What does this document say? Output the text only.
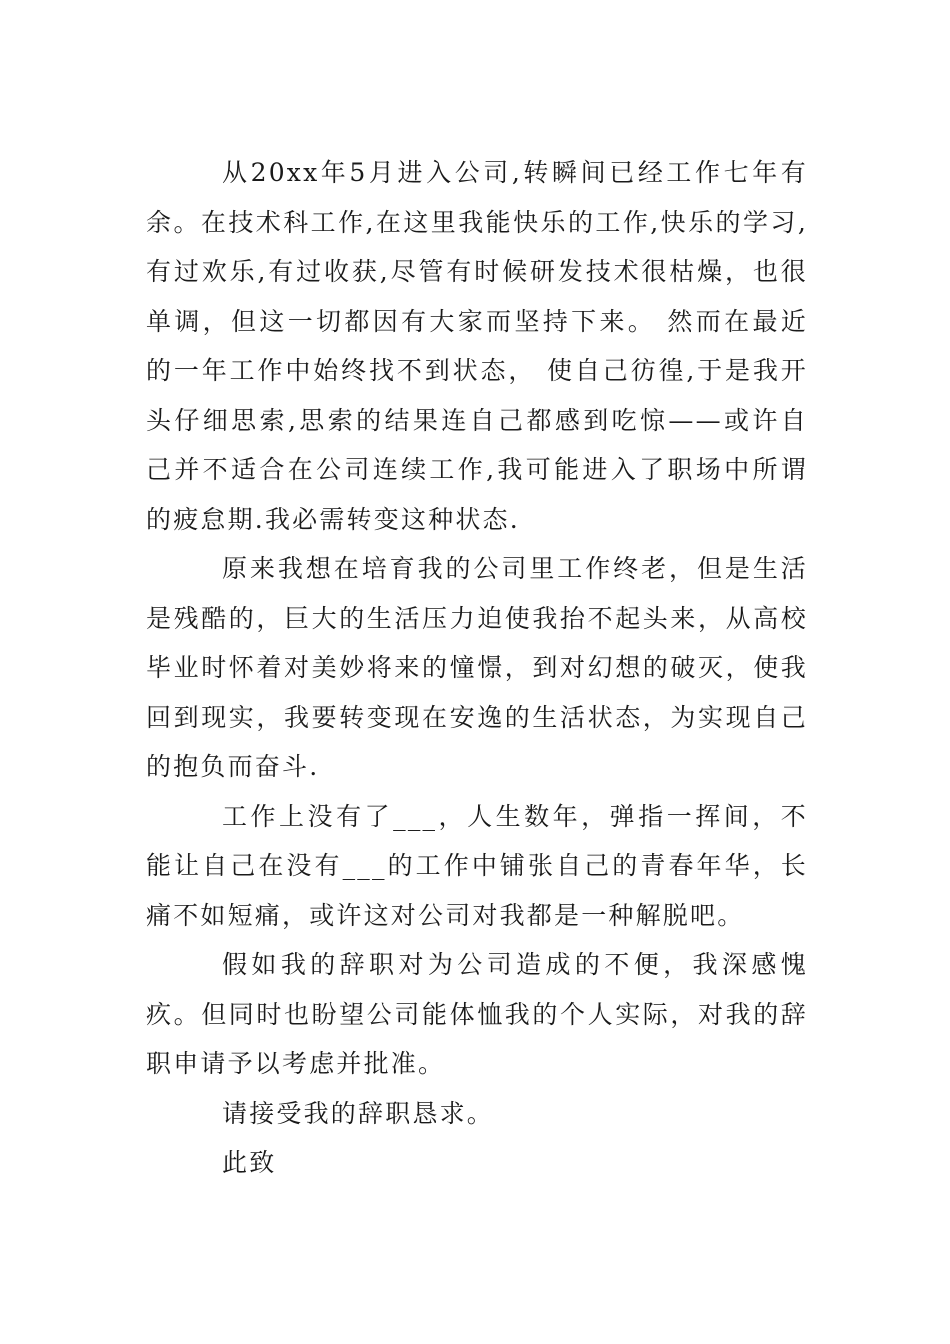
从20xx年5月进入公司,转瞬间已经工作七年有余。在技术科工作,在这里我能快乐的工作,快乐的学习,有过欢乐,有过收获,尽管有时候研发技术很枯燥，也很单调，但这一切都因有大家而坚持下来。 然而在最近的一年工作中始终找不到状态， 使自己彷徨,于是我开头仔细思索,思索的结果连自己都感到吃惊——或许自己并不适合在公司连续工作,我可能进入了职场中所谓的疲怠期.我必需转变这种状态.

原来我想在培育我的公司里工作终老，但是生活是残酷的，巨大的生活压力迫使我抬不起头来，从高校毕业时怀着对美妙将来的憧憬，到对幻想的破灭，使我回到现实，我要转变现在安逸的生活状态，为实现自己的抱负而奋斗.

工作上没有了___，人生数年，弹指一挥间，不能让自己在没有___的工作中铺张自己的青春年华，长痛不如短痛，或许这对公司对我都是一种解脱吧。

假如我的辞职对为公司造成的不便，我深感愧疚。但同时也盼望公司能体恤我的个人实际，对我的辞职申请予以考虑并批准。

请接受我的辞职恳求。

此致
